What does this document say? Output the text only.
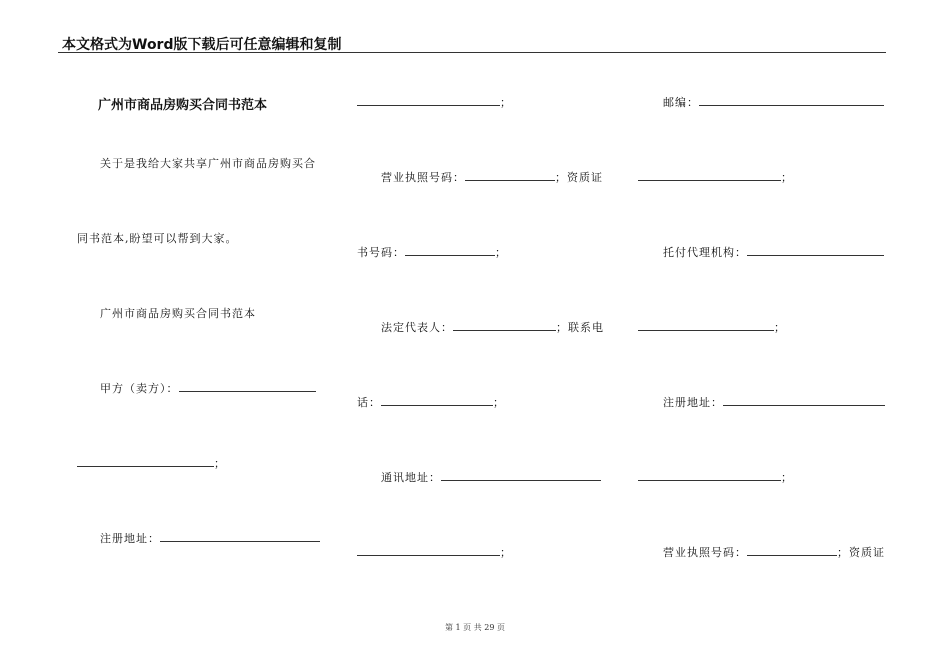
本文格式为Word版下载后可任意编辑和复制
广州市商品房购买合同书范本
关于是我给大家共享广州市商品房购买合
同书范本,盼望可以帮到大家。
广州市商品房购买合同书范本
甲方（卖方）：
；
注册地址：
；
营业执照号码：	；资质证
书号码：	；
法定代表人：	；联系电
话：	；
通讯地址：
；
邮编：
；
托付代理机构：
；
注册地址：
；
营业执照号码：	；资质证
第 1 页 共 29 页
